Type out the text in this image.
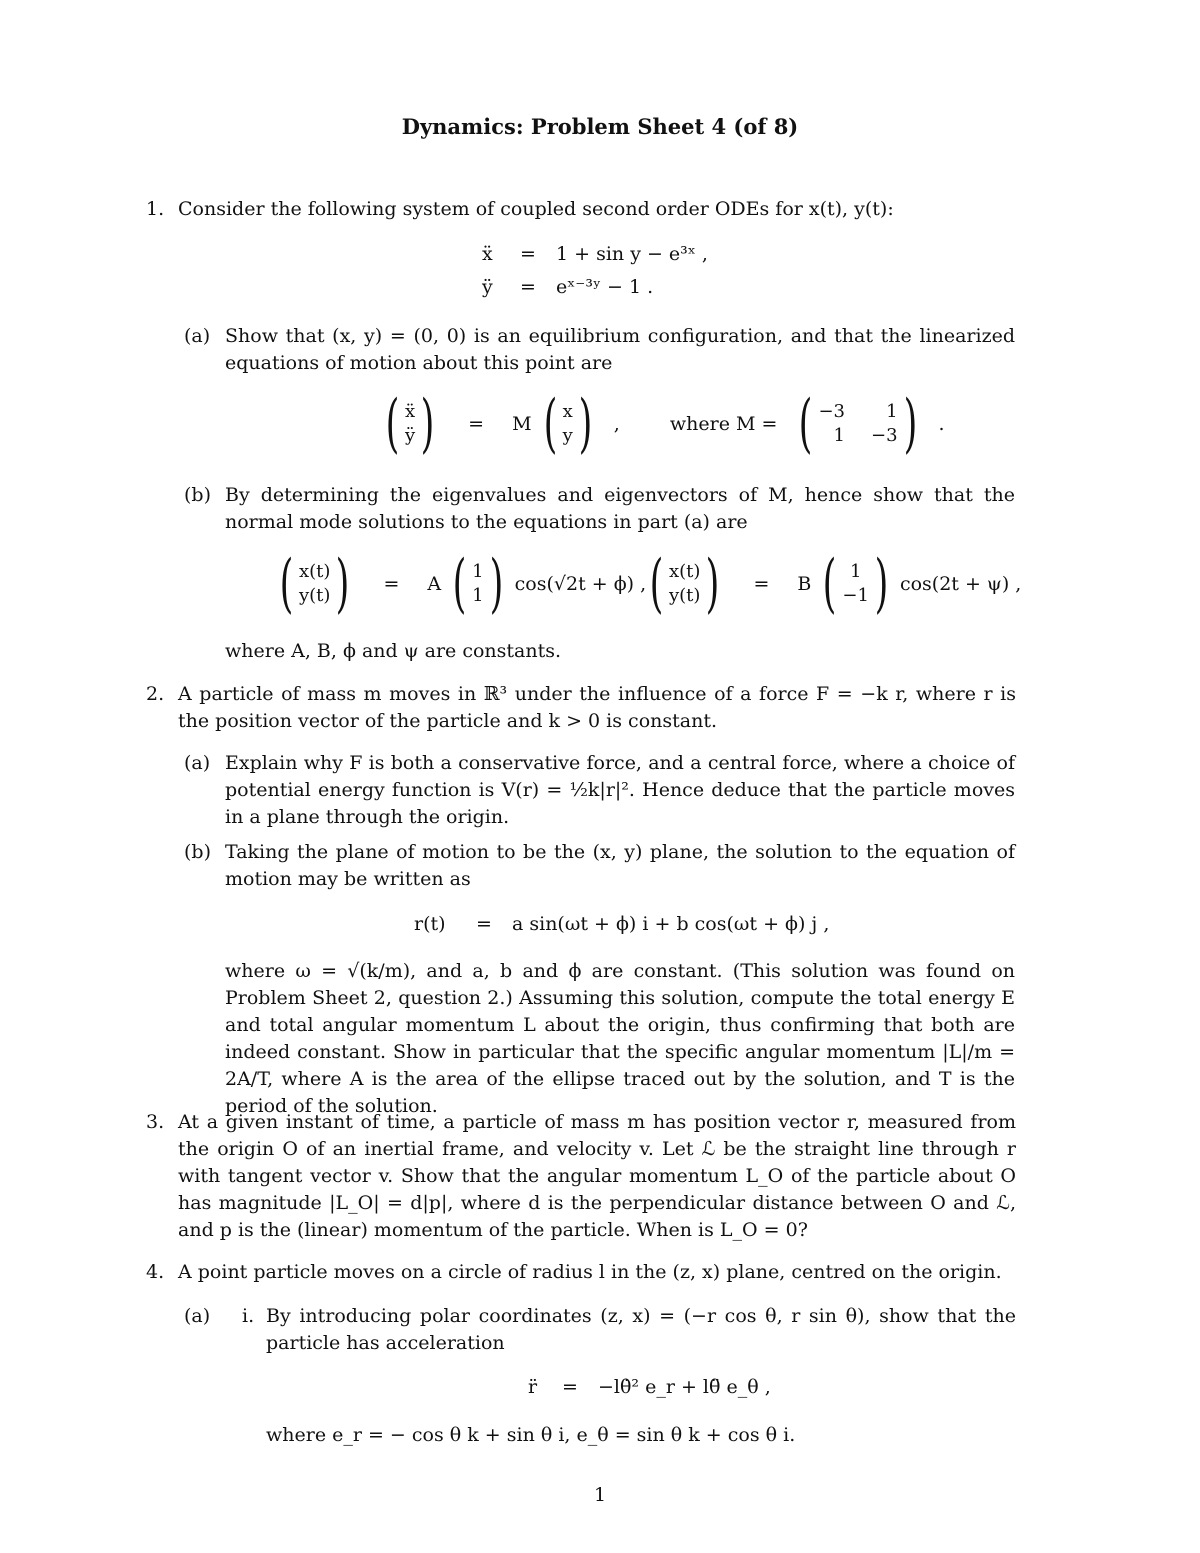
Dynamics: Problem Sheet 4 (of 8)
1. Consider the following system of coupled second order ODEs for x(t), y(t):
ẍ = 1 + sin y − e³ˣ ,
ÿ = eˣ⁻³ʸ − 1 .
(a) Show that (x, y) = (0, 0) is an equilibrium configuration, and that the linearized equations of motion about this point are
( ẍ
ÿ ) = M ( x
y ) ,	where M = ( −3	1
1 −3 ) .
(b) By determining the eigenvalues and eigenvectors of M, hence show that the normal mode solutions to the equations in part (a) are
( x(t)
y(t) ) = A ( 1
1 ) cos(√2t + ϕ) , ( x(t)
y(t) ) = B ( 1
−1 ) cos(2t + ψ) ,
where A, B, ϕ and ψ are constants.
2. A particle of mass m moves in ℝ³ under the influence of a force F = −k r, where r is the position vector of the particle and k > 0 is constant.
(a) Explain why F is both a conservative force, and a central force, where a choice of potential energy function is V(r) = ½k|r|². Hence deduce that the particle moves in a plane through the origin.
(b) Taking the plane of motion to be the (x, y) plane, the solution to the equation of motion may be written as
r(t) = a sin(ωt + ϕ) i + b cos(ωt + ϕ) j ,
where ω = √(k/m), and a, b and ϕ are constant. (This solution was found on Problem Sheet 2, question 2.) Assuming this solution, compute the total energy E and total angular momentum L about the origin, thus confirming that both are indeed constant. Show in particular that the specific angular momentum |L|/m = 2A/T, where A is the area of the ellipse traced out by the solution, and T is the period of the solution.
3. At a given instant of time, a particle of mass m has position vector r, measured from the origin O of an inertial frame, and velocity v. Let ℒ be the straight line through r with tangent vector v. Show that the angular momentum L_O of the particle about O has magnitude |L_O| = d|p|, where d is the perpendicular distance between O and ℒ, and p is the (linear) momentum of the particle. When is L_O = 0?
4. A point particle moves on a circle of radius l in the (z, x) plane, centred on the origin.
(a)	i. By introducing polar coordinates (z, x) = (−r cos θ, r sin θ), show that the particle has acceleration
r̈ = −lθ̇² e_r + lθ̈ e_θ ,
where e_r = − cos θ k + sin θ i, e_θ = sin θ k + cos θ i.
1
